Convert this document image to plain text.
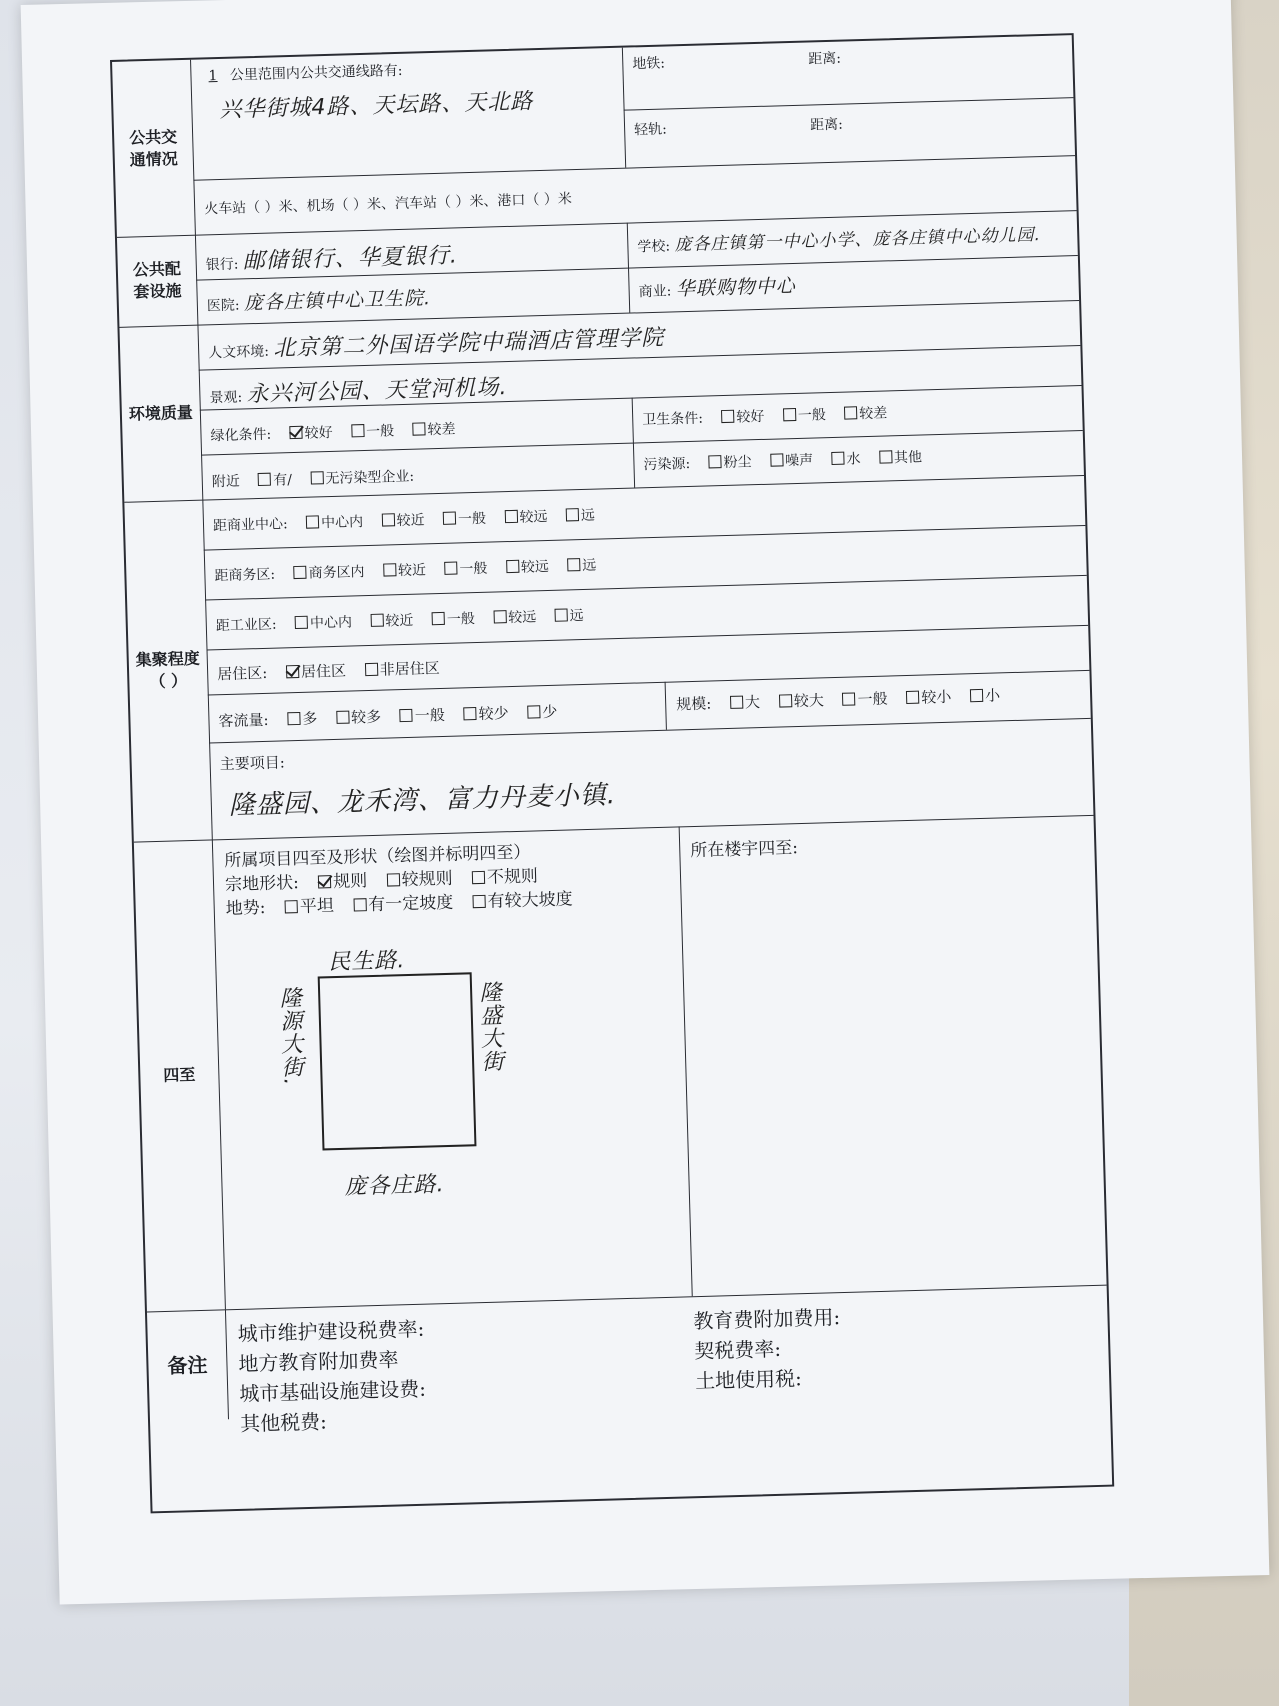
公共交通情况
1 公里范围内公共交通线路有:
兴华街城4路、天坛路、天北路
地铁:	距离:
轻轨:	距离:
火车站（ ）米、机场（ ）米、汽车站（ ）米、港口（ ）米
公共配套设施
银行: 邮储银行、华夏银行.	学校: 庞各庄镇第一中心小学、庞各庄镇中心幼儿园.
医院: 庞各庄镇中心卫生院.	商业: 华联购物中心
环境质量
人文环境: 北京第二外国语学院中瑞酒店管理学院
景观: 永兴河公园、天堂河机场.
绿化条件: 较好 一般 较差
卫生条件: 较好 一般 较差
附近 有/ 无污染型企业:
污染源: 粉尘 噪声 水 其他
集聚程度
（ ）
距商业中心: 中心内 较近 一般 较远 远
距商务区: 商务区内 较近 一般 较远 远
距工业区: 中心内 较近 一般 较远 远
居住区: 居住区 非居住区
客流量: 多 较多 一般 较少 少	规模: 大 较大 一般 较小 小
主要项目:
隆盛园、龙禾湾、富力丹麦小镇.
四至
所属项目四至及形状（绘图并标明四至）
宗地形状: 规则 较规则 不规则
地势: 平坦 有一定坡度 有较大坡度
所在楼宇四至:
民生路.
庞各庄路.
隆源大街.	隆盛大街
备注
城市维护建设税费率:
地方教育附加费率
城市基础设施建设费:
其他税费:
教育费附加费用:
契税费率:
土地使用税:
